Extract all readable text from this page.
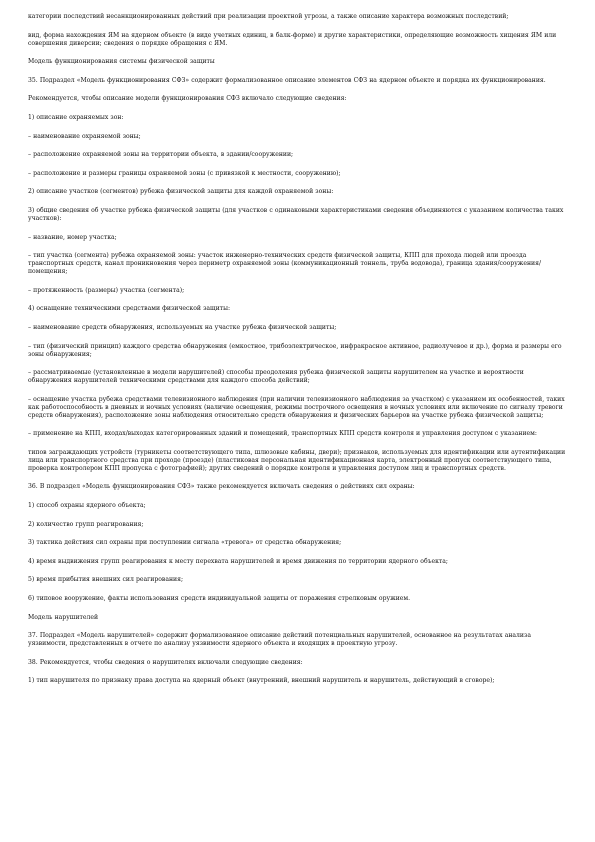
категории последствий несанкционированных действий при реализации проектной угрозы, а также описание характера возможных последствий;

вид, форма нахождения ЯМ на ядерном объекте (в виде учетных единиц, в балк-форме) и другие характеристики, определяющие возможность хищения ЯМ или совершения диверсии; сведения о порядке обращения с ЯМ.

Модель функционирования системы физической защиты

35. Подраздел «Модель функционирования СФЗ» содержит формализованное описание элементов СФЗ на ядерном объекте и порядка их функционирования.

Рекомендуется, чтобы описание модели функционирования СФЗ включало следующие сведения:

1) описание охраняемых зон:

– наименование охраняемой зоны;

– расположение охраняемой зоны на территории объекта, в здании/сооружении;

– расположение и размеры границы охраняемой зоны (с привязкой к местности, сооружению);

2) описание участков (сегментов) рубежа физической защиты для каждой охраняемой зоны:

3) общие сведения об участке рубежа физической защиты (для участков с одинаковыми характеристиками сведения объединяются с указанием количества таких участков):

– название, номер участка;

– тип участка (сегмента) рубежа охраняемой зоны: участок инженерно-технических средств физической защиты, КПП для прохода людей или проезда транспортных средств, канал проникновения через периметр охраняемой зоны (коммуникационный тоннель, труба водовода), граница здания/сооружения/помещения;

– протяженность (размеры) участка (сегмента);

4) оснащение техническими средствами физической защиты:

– наименование средств обнаружения, используемых на участке рубежа физической защиты;

– тип (физический принцип) каждого средства обнаружения (емкостное, трибоэлектрическое, инфракрасное активное, радиолучевое и др.), форма и размеры его зоны обнаружения;

– рассматриваемые (установленные в модели нарушителей) способы преодоления рубежа физической защиты нарушителем на участке и вероятности обнаружения нарушителей техническими средствами для каждого способа действий;

– оснащение участка рубежа средствами телевизионного наблюдения (при наличии телевизионного наблюдения за участком) с указанием их особенностей, таких как работоспособность в дневных и ночных условиях (наличие освещения, режимы построчного освещения в ночных условиях или включение по сигналу тревоги средств обнаружения), расположение зоны наблюдения относительно средств обнаружения и физических барьеров на участке рубежа физической защиты;

– применение на КПП, входах/выходах категорированных зданий и помещений, транспортных КПП средств контроля и управления доступом с указанием:

типов заграждающих устройств (турникеты соответствующего типа, шлюзовые кабины, двери); признаков, используемых для идентификации или аутентификации лица или транспортного средства при проходе (проезде) (пластиковая персональная идентификационная карта, электронный пропуск соответствующего типа, проверка контролером КПП пропуска с фотографией); других сведений о порядке контроля и управления доступом лиц и транспортных средств.

36. В подраздел «Модель функционирования СФЗ» также рекомендуется включать сведения о действиях сил охраны:

1) способ охраны ядерного объекта;

2) количество групп реагирования;

3) тактика действия сил охраны при поступлении сигнала «тревога» от средства обнаружения;

4) время выдвижения групп реагирования к месту перехвата нарушителей и время движения по территории ядерного объекта;

5) время прибытия внешних сил реагирования;

6) типовое вооружение, факты использования средств индивидуальной защиты от поражения стрелковым оружием.

Модель нарушителей

37. Подраздел «Модель нарушителей» содержит формализованное описание действий потенциальных нарушителей, основанное на результатах анализа уязвимости, представленных в отчете по анализу уязвимости ядерного объекта и входящих в проектную угрозу.

38. Рекомендуется, чтобы сведения о нарушителях включали следующие сведения:

1) тип нарушителя по признаку права доступа на ядерный объект (внутренний, внешний нарушитель и нарушитель, действующий в сговоре);
